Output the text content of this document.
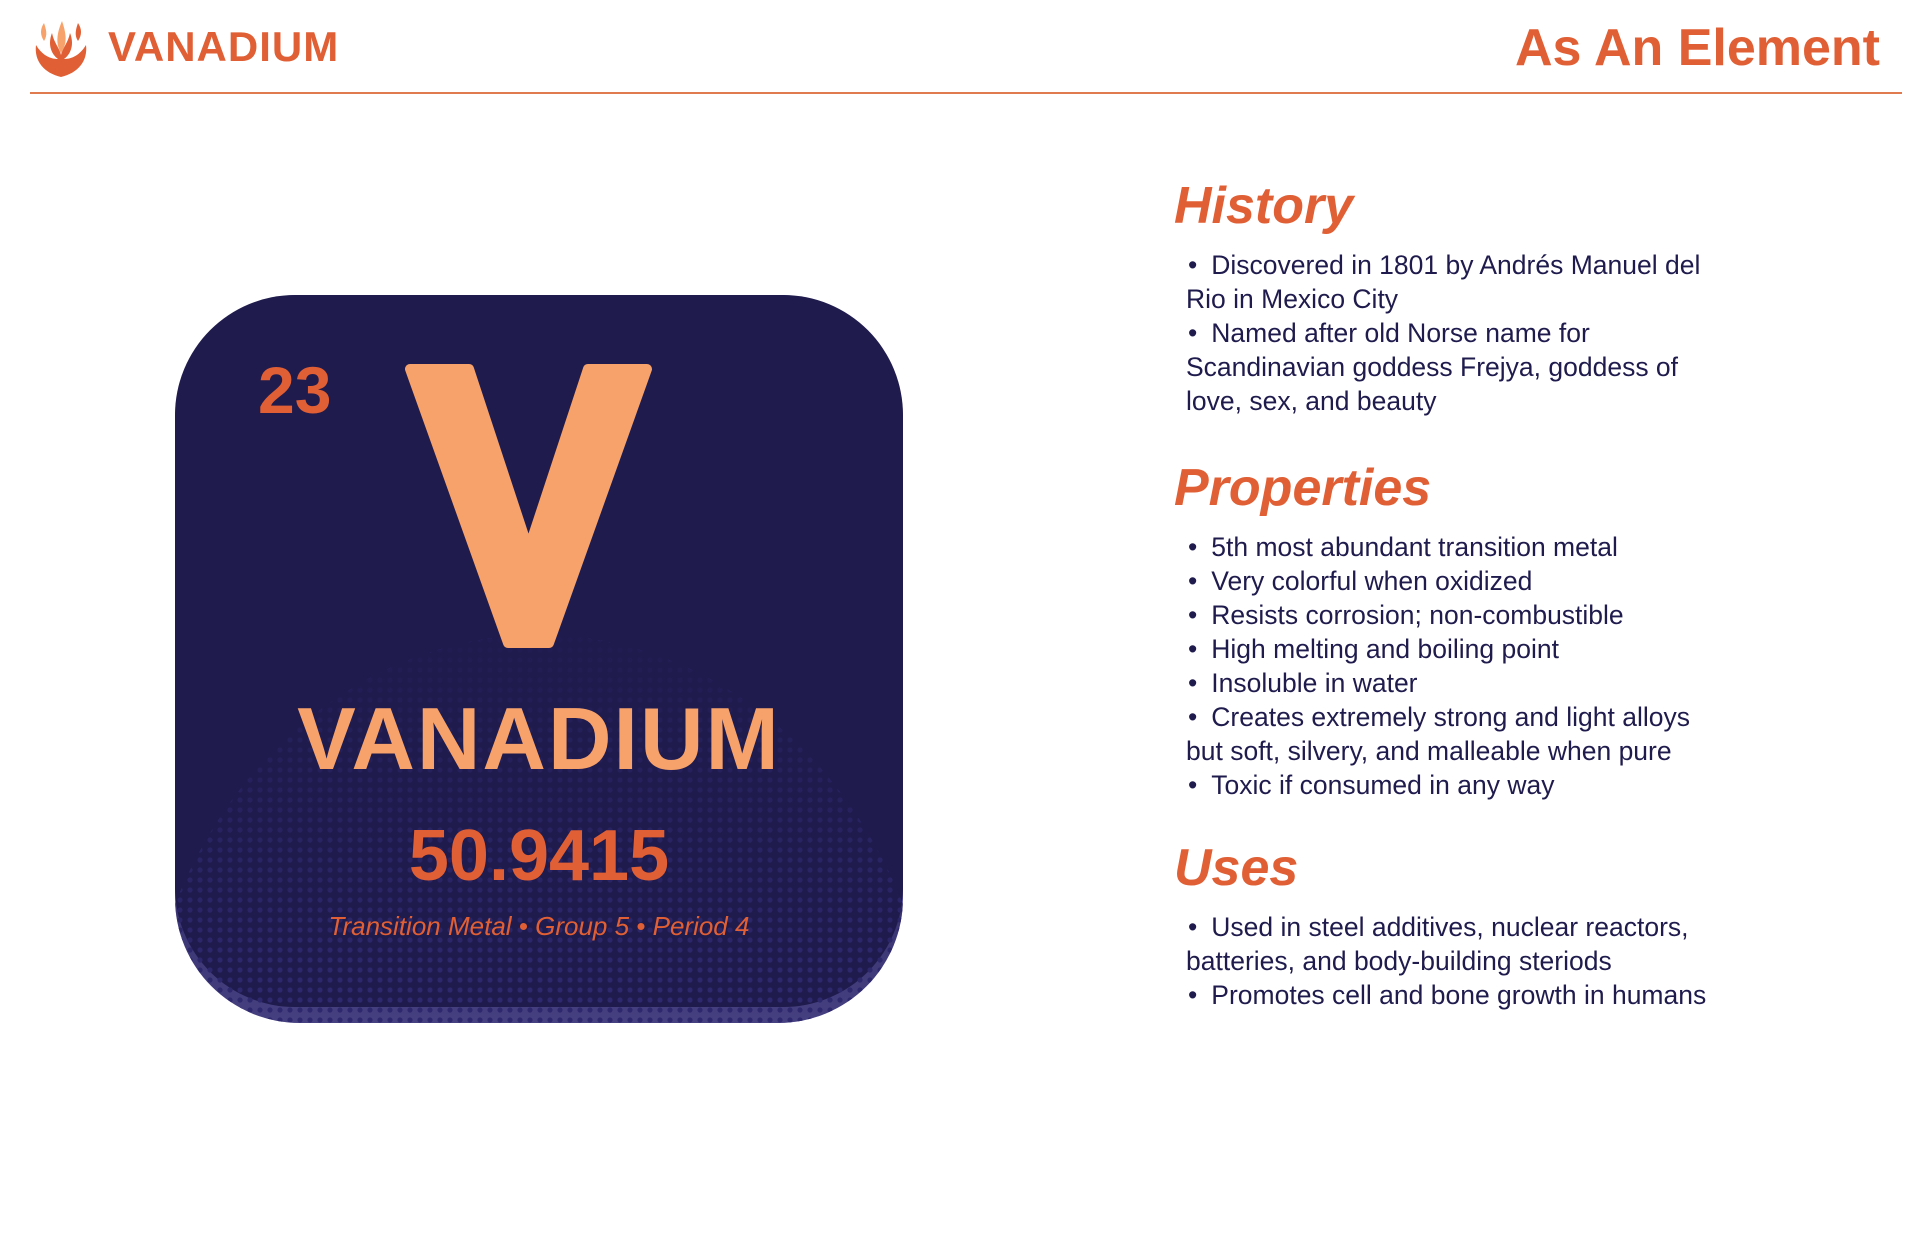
VANADIUM	As An Element
23
VANADIUM
50.9415
Transition Metal • Group 5 • Period 4
History
• Discovered in 1801 by Andrés Manuel del Rio in Mexico City
• Named after old Norse name for Scandinavian goddess Frejya, goddess of love, sex, and beauty
Properties
• 5th most abundant transition metal
• Very colorful when oxidized
• Resists corrosion; non-combustible
• High melting and boiling point
• Insoluble in water
• Creates extremely strong and light alloys but soft, silvery, and malleable when pure
• Toxic if consumed in any way
Uses
• Used in steel additives, nuclear reactors, batteries, and body-building steriods
• Promotes cell and bone growth in humans
